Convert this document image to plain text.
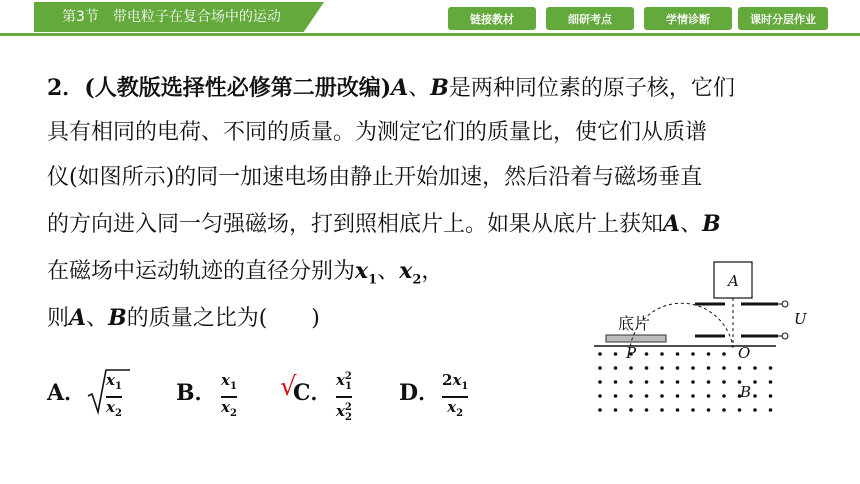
第3节 带电粒子在复合场中的运动	链接教材	细研考点	学情诊断	课时分层作业
2．(人教版选择性必修第二册改编)A、B是两种同位素的原子核，它们
具有相同的电荷、不同的质量。为测定它们的质量比，使它们从质谱
仪(如图所示)的同一加速电场由静止开始加速，然后沿着与磁场垂直
的方向进入同一匀强磁场，打到照相底片上。如果从底片上获知A、B
在磁场中运动轨迹的直径分别为$x_1$、$x_2$，
则A、B的质量之比为(　　)
A． $x_1$
$x_2$
B． $x_1$
$x_2$
√
C． $x_1^2$
$x_2^2$
D． $2x_1$
$x_2$
底片
A
U
P	O
B
